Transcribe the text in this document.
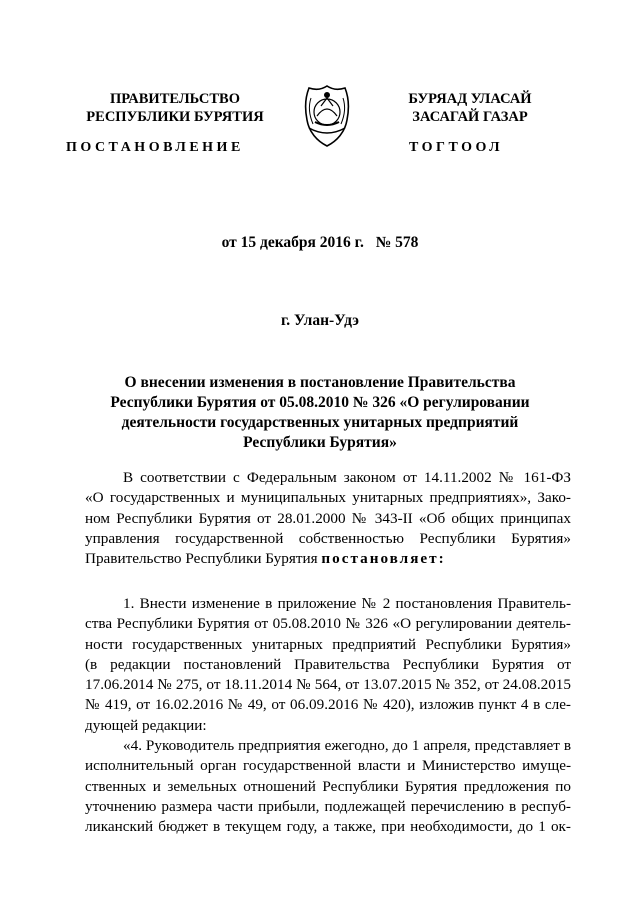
ПРАВИТЕЛЬСТВО
РЕСПУБЛИКИ БУРЯТИЯ
БУРЯАД УЛАСАЙ
ЗАСАГАЙ ГАЗАР
ПОСТАНОВЛЕНИЕ	ТОГТООЛ
от 15 декабря 2016 г. № 578
г. Улан-Удэ
О внесении изменения в постановление Правительства
Республики Бурятия от 05.08.2010 № 326 «О регулировании
деятельности государственных унитарных предприятий
Республики Бурятия»
В соответствии с Федеральным законом от 14.11.2002 № 161-ФЗ
«О государственных и муниципальных унитарных предприятиях», Зако-
ном Республики Бурятия от 28.01.2000 № 343-II «Об общих принципах
управления государственной собственностью Республики Бурятия»
Правительство Республики Бурятия постановляет:
1. Внести изменение в приложение № 2 постановления Правитель-
ства Республики Бурятия от 05.08.2010 № 326 «О регулировании деятель-
ности государственных унитарных предприятий Республики Бурятия»
(в редакции постановлений Правительства Республики Бурятия от
17.06.2014 № 275, от 18.11.2014 № 564, от 13.07.2015 № 352, от 24.08.2015
№ 419, от 16.02.2016 № 49, от 06.09.2016 № 420), изложив пункт 4 в сле-
дующей редакции:
«4. Руководитель предприятия ежегодно, до 1 апреля, представляет в
исполнительный орган государственной власти и Министерство имуще-
ственных и земельных отношений Республики Бурятия предложения по
уточнению размера части прибыли, подлежащей перечислению в респуб-
ликанский бюджет в текущем году, а также, при необходимости, до 1 ок-
